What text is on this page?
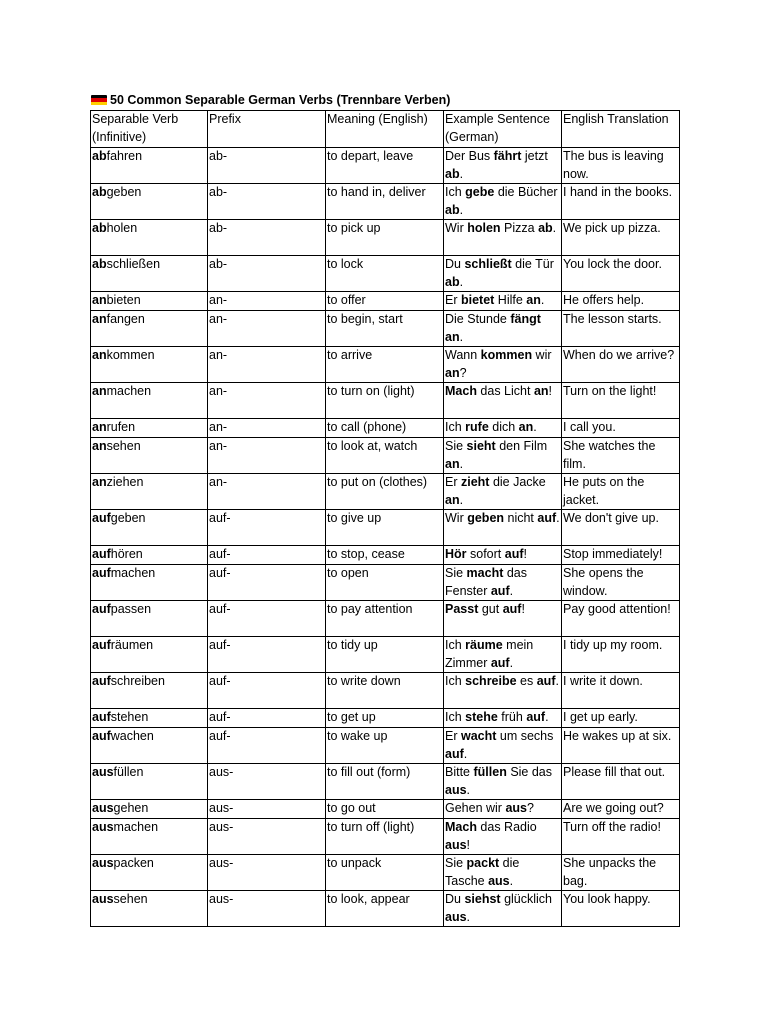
50 Common Separable German Verbs (Trennbare Verben)
Separable Verb (Infinitive)	Prefix	Meaning (English)	Example Sentence (German)	English Translation
abfahren	ab-	to depart, leave	Der Bus fährt jetzt ab.	The bus is leaving now.
abgeben	ab-	to hand in, deliver	Ich gebe die Bücher ab.	I hand in the books.
abholen	ab-	to pick up	Wir holen Pizza ab.	We pick up pizza.
abschließen	ab-	to lock	Du schließt die Tür ab.	You lock the door.
anbieten	an-	to offer	Er bietet Hilfe an.	He offers help.
anfangen	an-	to begin, start	Die Stunde fängt an.	The lesson starts.
ankommen	an-	to arrive	Wann kommen wir an?	When do we arrive?
anmachen	an-	to turn on (light)	Mach das Licht an!	Turn on the light!
anrufen	an-	to call (phone)	Ich rufe dich an.	I call you.
ansehen	an-	to look at, watch	Sie sieht den Film an.	She watches the film.
anziehen	an-	to put on (clothes)	Er zieht die Jacke an.	He puts on the jacket.
aufgeben	auf-	to give up	Wir geben nicht auf.	We don't give up.
aufhören	auf-	to stop, cease	Hör sofort auf!	Stop immediately!
aufmachen	auf-	to open	Sie macht das Fenster auf.	She opens the window.
aufpassen	auf-	to pay attention	Passt gut auf!	Pay good attention!
aufräumen	auf-	to tidy up	Ich räume mein Zimmer auf.	I tidy up my room.
aufschreiben	auf-	to write down	Ich schreibe es auf.	I write it down.
aufstehen	auf-	to get up	Ich stehe früh auf.	I get up early.
aufwachen	auf-	to wake up	Er wacht um sechs auf.	He wakes up at six.
ausfüllen	aus-	to fill out (form)	Bitte füllen Sie das aus.	Please fill that out.
ausgehen	aus-	to go out	Gehen wir aus?	Are we going out?
ausmachen	aus-	to turn off (light)	Mach das Radio aus!	Turn off the radio!
auspacken	aus-	to unpack	Sie packt die Tasche aus.	She unpacks the bag.
aussehen	aus-	to look, appear	Du siehst glücklich aus.	You look happy.
